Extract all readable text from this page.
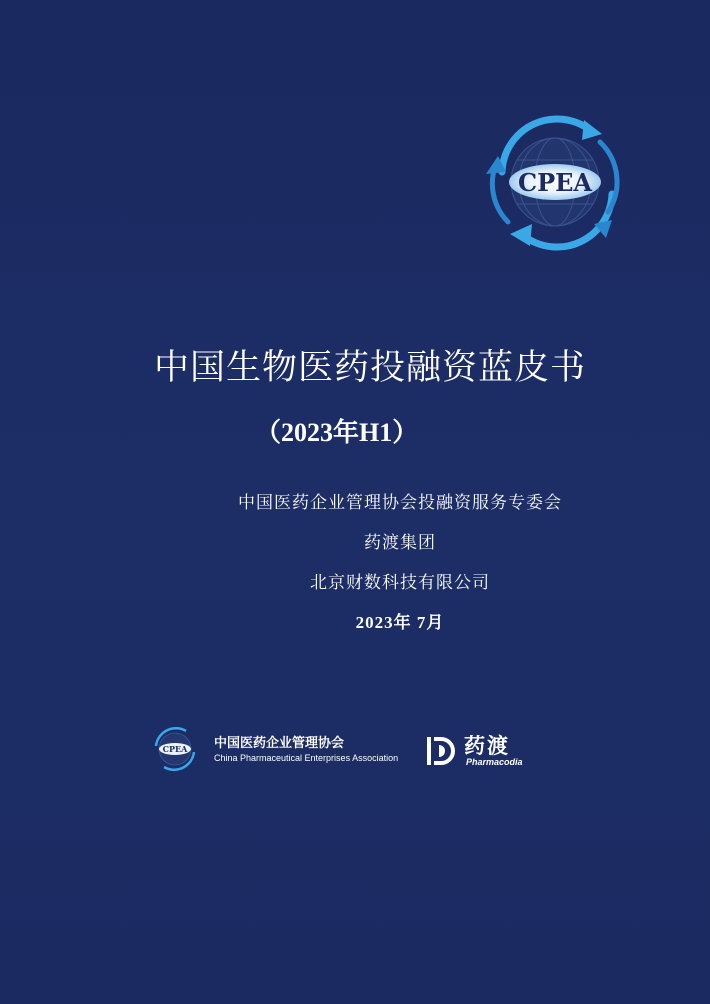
CPEA
中国生物医药投融资蓝皮书
（2023年H1）
中国医药企业管理协会投融资服务专委会
药渡集团
北京财数科技有限公司
2023年 7月
CPEA 中国医药企业管理协会
China Pharmaceutical Enterprises Association	药渡
Pharmacodia
